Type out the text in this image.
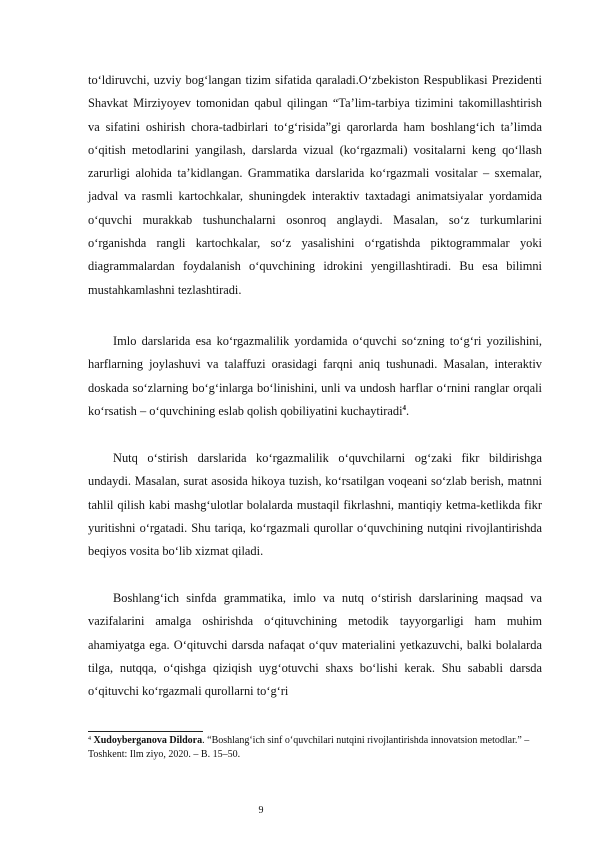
to‘ldiruvchi, uzviy bog‘langan tizim sifatida qaraladi.O‘zbekiston Respublikasi Prezidenti Shavkat Mirziyoyev tomonidan qabul qilingan “Ta’lim-tarbiya tizimini takomillashtirish va sifatini oshirish chora-tadbirlari to‘g‘risida”gi qarorlarda ham boshlang‘ich ta’limda o‘qitish metodlarini yangilash, darslarda vizual (ko‘rgazmali) vositalarni keng qo‘llash zarurligi alohida ta’kidlangan. Grammatika darslarida ko‘rgazmali vositalar – sxemalar, jadval va rasmli kartochkalar, shuningdek interaktiv taxtadagi animatsiyalar yordamida o‘quvchi murakkab tushunchalarni osonroq anglaydi. Masalan, so‘z turkumlarini o‘rganishda rangli kartochkalar, so‘z yasalishini o‘rgatishda piktogrammalar yoki diagrammalardan foydalanish o‘quvchining idrokini yengillashtiradi. Bu esa bilimni mustahkamlashni tezlashtiradi.

Imlo darslarida esa ko‘rgazmalilik yordamida o‘quvchi so‘zning to‘g‘ri yozilishini, harflarning joylashuvi va talaffuzi orasidagi farqni aniq tushunadi. Masalan, interaktiv doskada so‘zlarning bo‘g‘inlarga bo‘linishini, unli va undosh harflar o‘rnini ranglar orqali ko‘rsatish – o‘quvchining eslab qolish qobiliyatini kuchaytiradi$^4$.

Nutq o‘stirish darslarida ko‘rgazmalilik o‘quvchilarni og‘zaki fikr bildirishga undaydi. Masalan, surat asosida hikoya tuzish, ko‘rsatilgan voqeani so‘zlab berish, matnni tahlil qilish kabi mashg‘ulotlar bolalarda mustaqil fikrlashni, mantiqiy ketma-ketlikda fikr yuritishni o‘rgatadi. Shu tariqa, ko‘rgazmali qurollar o‘quvchining nutqini rivojlantirishda beqiyos vosita bo‘lib xizmat qiladi.

Boshlang‘ich sinfda grammatika, imlo va nutq o‘stirish darslarining maqsad va vazifalarini amalga oshirishda o‘qituvchining metodik tayyorgarligi ham muhim ahamiyatga ega. O‘qituvchi darsda nafaqat o‘quv materialini yetkazuvchi, balki bolalarda tilga, nutqqa, o‘qishga qiziqish uyg‘otuvchi shaxs bo‘lishi kerak. Shu sababli darsda o‘qituvchi ko‘rgazmali qurollarni to‘g‘ri

$^4$ Xudoyberganova Dildora. “Boshlang‘ich sinf o‘quvchilari nutqini rivojlantirishda innovatsion metodlar.” – Toshkent: Ilm ziyo, 2020. – B. 15–50.

9
